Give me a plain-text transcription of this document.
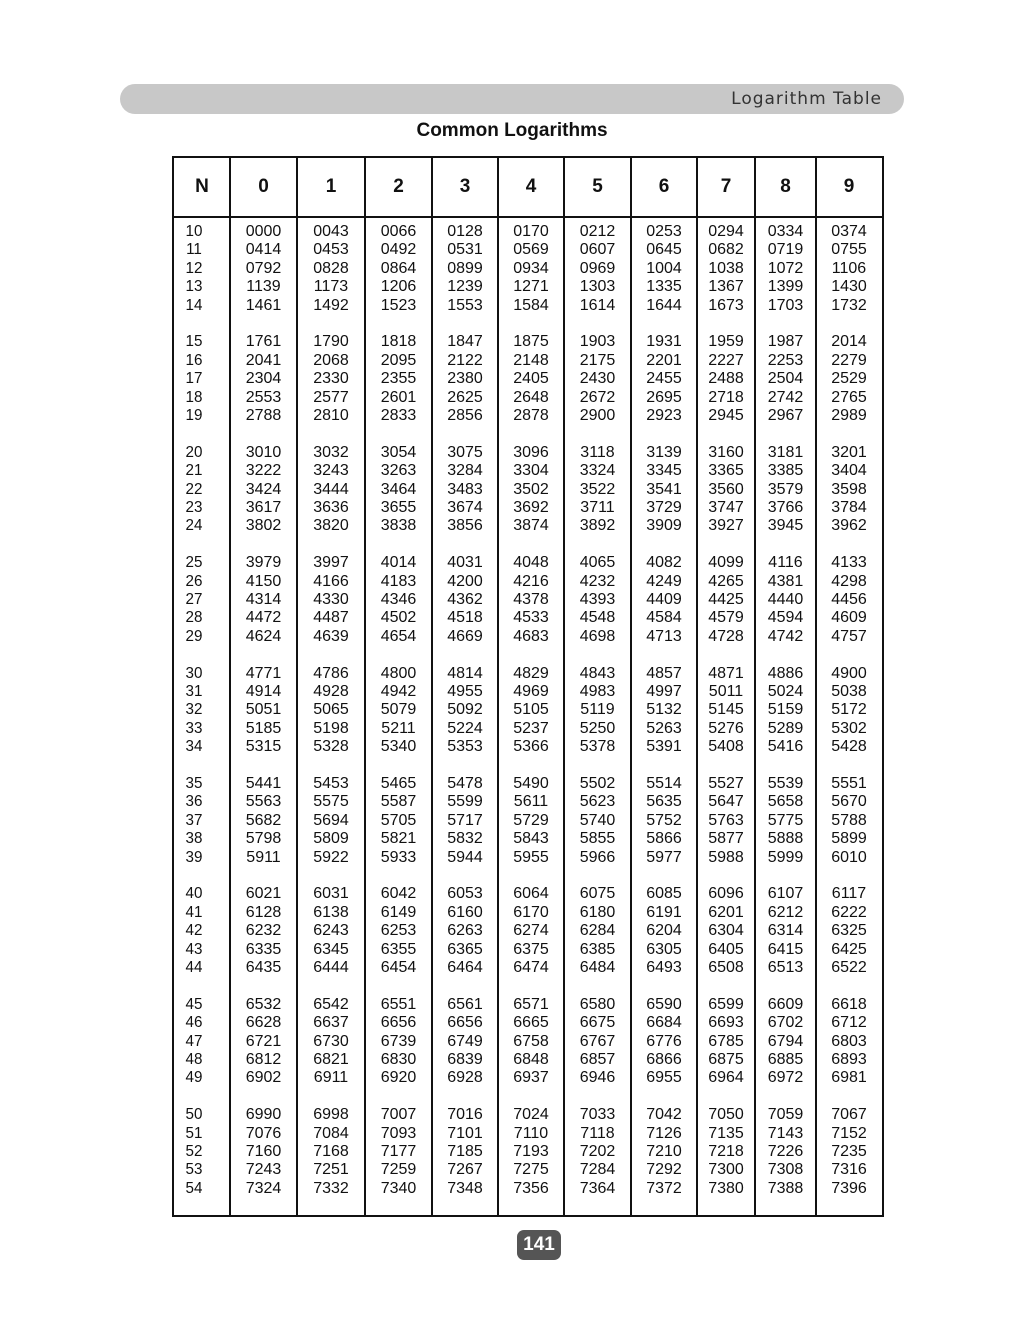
Logarithm Table
Common Logarithms
N	0	1	2	3	4	5	6	7	8	9
10	0000	0043	0066	0128	0170	0212	0253	0294	0334	0374
11	0414	0453	0492	0531	0569	0607	0645	0682	0719	0755
12	0792	0828	0864	0899	0934	0969	1004	1038	1072	1106
13	1139	1173	1206	1239	1271	1303	1335	1367	1399	1430
14	1461	1492	1523	1553	1584	1614	1644	1673	1703	1732
15	1761	1790	1818	1847	1875	1903	1931	1959	1987	2014
16	2041	2068	2095	2122	2148	2175	2201	2227	2253	2279
17	2304	2330	2355	2380	2405	2430	2455	2488	2504	2529
18	2553	2577	2601	2625	2648	2672	2695	2718	2742	2765
19	2788	2810	2833	2856	2878	2900	2923	2945	2967	2989
20	3010	3032	3054	3075	3096	3118	3139	3160	3181	3201
21	3222	3243	3263	3284	3304	3324	3345	3365	3385	3404
22	3424	3444	3464	3483	3502	3522	3541	3560	3579	3598
23	3617	3636	3655	3674	3692	3711	3729	3747	3766	3784
24	3802	3820	3838	3856	3874	3892	3909	3927	3945	3962
25	3979	3997	4014	4031	4048	4065	4082	4099	4116	4133
26	4150	4166	4183	4200	4216	4232	4249	4265	4381	4298
27	4314	4330	4346	4362	4378	4393	4409	4425	4440	4456
28	4472	4487	4502	4518	4533	4548	4584	4579	4594	4609
29	4624	4639	4654	4669	4683	4698	4713	4728	4742	4757
30	4771	4786	4800	4814	4829	4843	4857	4871	4886	4900
31	4914	4928	4942	4955	4969	4983	4997	5011	5024	5038
32	5051	5065	5079	5092	5105	5119	5132	5145	5159	5172
33	5185	5198	5211	5224	5237	5250	5263	5276	5289	5302
34	5315	5328	5340	5353	5366	5378	5391	5408	5416	5428
35	5441	5453	5465	5478	5490	5502	5514	5527	5539	5551
36	5563	5575	5587	5599	5611	5623	5635	5647	5658	5670
37	5682	5694	5705	5717	5729	5740	5752	5763	5775	5788
38	5798	5809	5821	5832	5843	5855	5866	5877	5888	5899
39	5911	5922	5933	5944	5955	5966	5977	5988	5999	6010
40	6021	6031	6042	6053	6064	6075	6085	6096	6107	6117
41	6128	6138	6149	6160	6170	6180	6191	6201	6212	6222
42	6232	6243	6253	6263	6274	6284	6204	6304	6314	6325
43	6335	6345	6355	6365	6375	6385	6305	6405	6415	6425
44	6435	6444	6454	6464	6474	6484	6493	6508	6513	6522
45	6532	6542	6551	6561	6571	6580	6590	6599	6609	6618
46	6628	6637	6656	6656	6665	6675	6684	6693	6702	6712
47	6721	6730	6739	6749	6758	6767	6776	6785	6794	6803
48	6812	6821	6830	6839	6848	6857	6866	6875	6885	6893
49	6902	6911	6920	6928	6937	6946	6955	6964	6972	6981
50	6990	6998	7007	7016	7024	7033	7042	7050	7059	7067
51	7076	7084	7093	7101	7110	7118	7126	7135	7143	7152
52	7160	7168	7177	7185	7193	7202	7210	7218	7226	7235
53	7243	7251	7259	7267	7275	7284	7292	7300	7308	7316
54	7324	7332	7340	7348	7356	7364	7372	7380	7388	7396
141
